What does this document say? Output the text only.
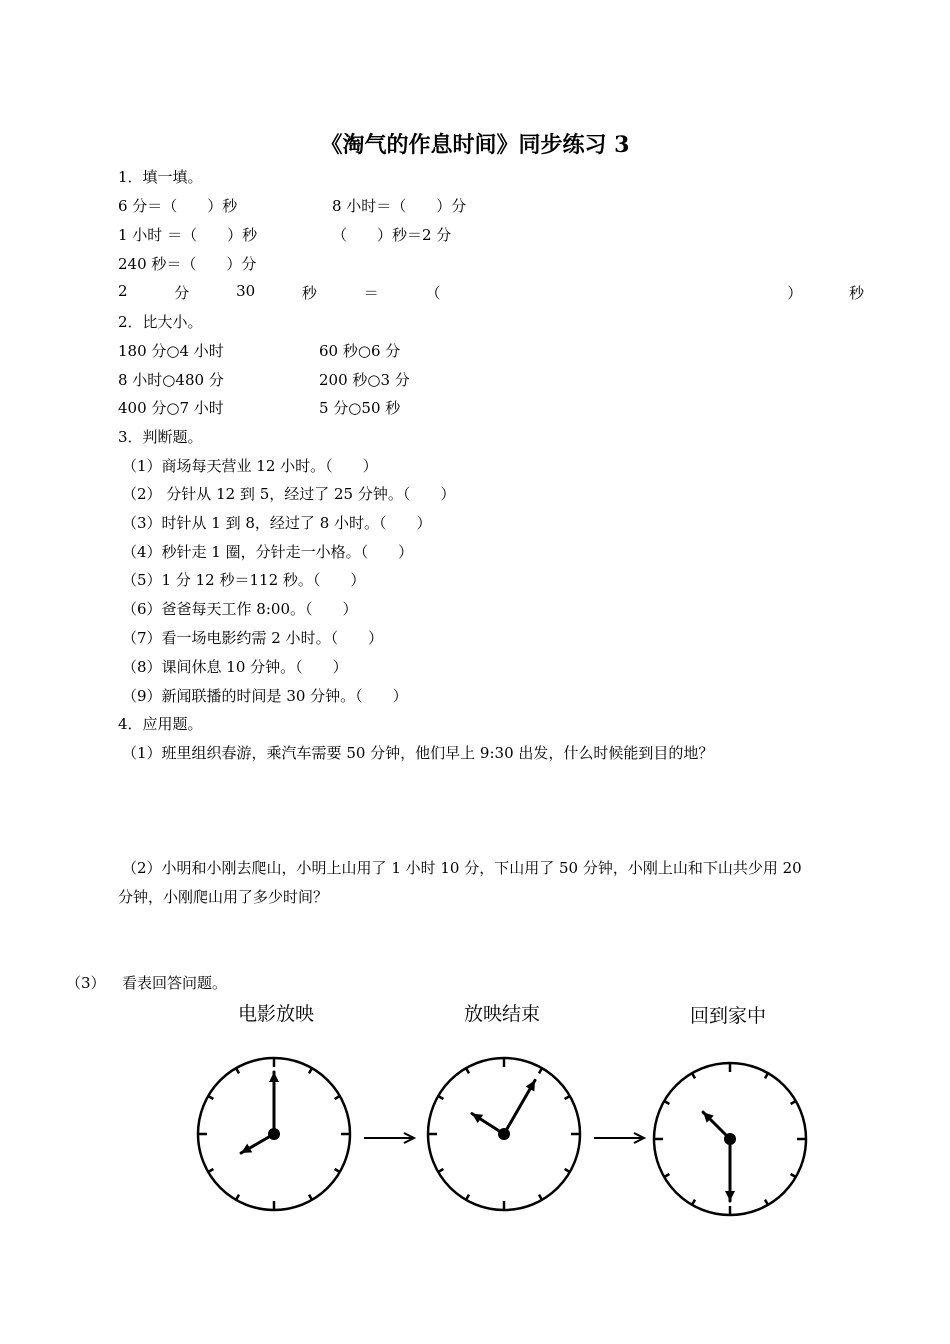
《淘气的作息时间》同步练习 3
1．填一填。
6 分＝（　　）秒	8 小时＝（　　）分
1 小时 ＝（　　）秒	（　　）秒＝2 分
240 秒＝（　　）分
2	分	30	秒	＝	（	）	秒
2．比大小。
180 分○4 小时	60 秒○6 分
8 小时○480 分	200 秒○3 分
400 分○7 小时	5 分○50 秒
3．判断题。
（1）商场每天营业 12 小时。（　　）
（2） 分针从 12 到 5，经过了 25 分钟。（　　）
（3）时针从 1 到 8，经过了 8 小时。（　　）
（4）秒针走 1 圈，分针走一小格。（　　）
（5）1 分 12 秒＝112 秒。（　　）
（6）爸爸每天工作 8:00。（　　）
（7）看一场电影约需 2 小时。（　　）
（8）课间休息 10 分钟。（　　）
（9）新闻联播的时间是 30 分钟。（　　）
4．应用题。
（1）班里组织春游，乘汽车需要 50 分钟，他们早上 9:30 出发，什么时候能到目的地？
（2）小明和小刚去爬山，小明上山用了 1 小时 10 分，下山用了 50 分钟，小刚上山和下山共少用 20
分钟，小刚爬山用了多少时间？
（3） 看表回答问题。
电影放映	放映结束	回到家中
